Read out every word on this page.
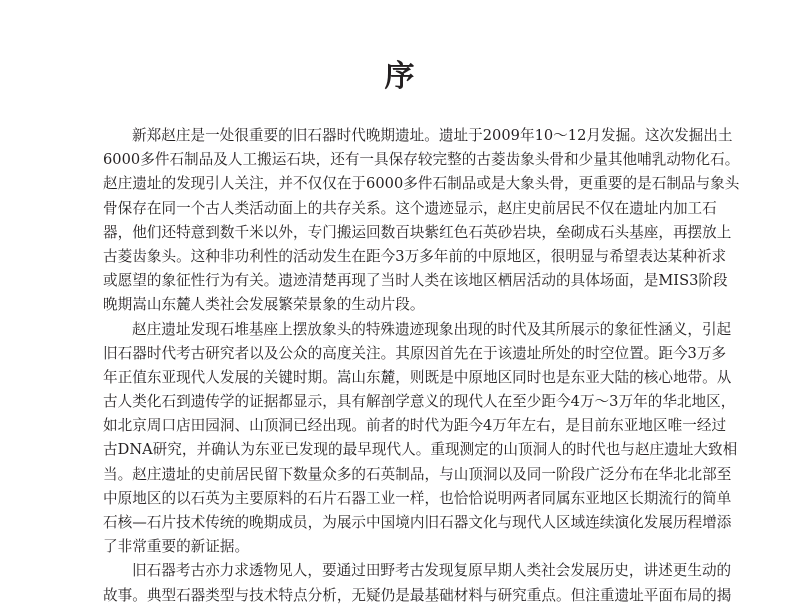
序
新郑赵庄是一处很重要的旧石器时代晚期遗址。遗址于2009年10～12月发掘。这次发掘出土
6000多件石制品及人工搬运石块，还有一具保存较完整的古菱齿象头骨和少量其他哺乳动物化石。
赵庄遗址的发现引人关注，并不仅仅在于6000多件石制品或是大象头骨，更重要的是石制品与象头
骨保存在同一个古人类活动面上的共存关系。这个遗迹显示，赵庄史前居民不仅在遗址内加工石
器，他们还特意到数千米以外，专门搬运回数百块紫红色石英砂岩块，垒砌成石头基座，再摆放上
古菱齿象头。这种非功利性的活动发生在距今3万多年前的中原地区，很明显与希望表达某种祈求
或愿望的象征性行为有关。遗迹清楚再现了当时人类在该地区栖居活动的具体场面，是MIS3阶段
晚期嵩山东麓人类社会发展繁荣景象的生动片段。
赵庄遗址发现石堆基座上摆放象头的特殊遗迹现象出现的时代及其所展示的象征性涵义，引起
旧石器时代考古研究者以及公众的高度关注。其原因首先在于该遗址所处的时空位置。距今3万多
年正值东亚现代人发展的关键时期。嵩山东麓，则既是中原地区同时也是东亚大陆的核心地带。从
古人类化石到遗传学的证据都显示，具有解剖学意义的现代人在至少距今4万～3万年的华北地区，
如北京周口店田园洞、山顶洞已经出现。前者的时代为距今4万年左右，是目前东亚地区唯一经过
古DNA研究，并确认为东亚已发现的最早现代人。重现测定的山顶洞人的时代也与赵庄遗址大致相
当。赵庄遗址的史前居民留下数量众多的石英制品，与山顶洞以及同一阶段广泛分布在华北北部至
中原地区的以石英为主要原料的石片石器工业一样，也恰恰说明两者同属东亚地区长期流行的简单
石核—石片技术传统的晚期成员，为展示中国境内旧石器文化与现代人区域连续演化发展历程增添
了非常重要的新证据。
旧石器考古亦力求透物见人，要通过田野考古发现复原早期人类社会发展历史，讲述更生动的
故事。典型石器类型与技术特点分析，无疑仍是最基础材料与研究重点。但注重遗址平面布局的揭
